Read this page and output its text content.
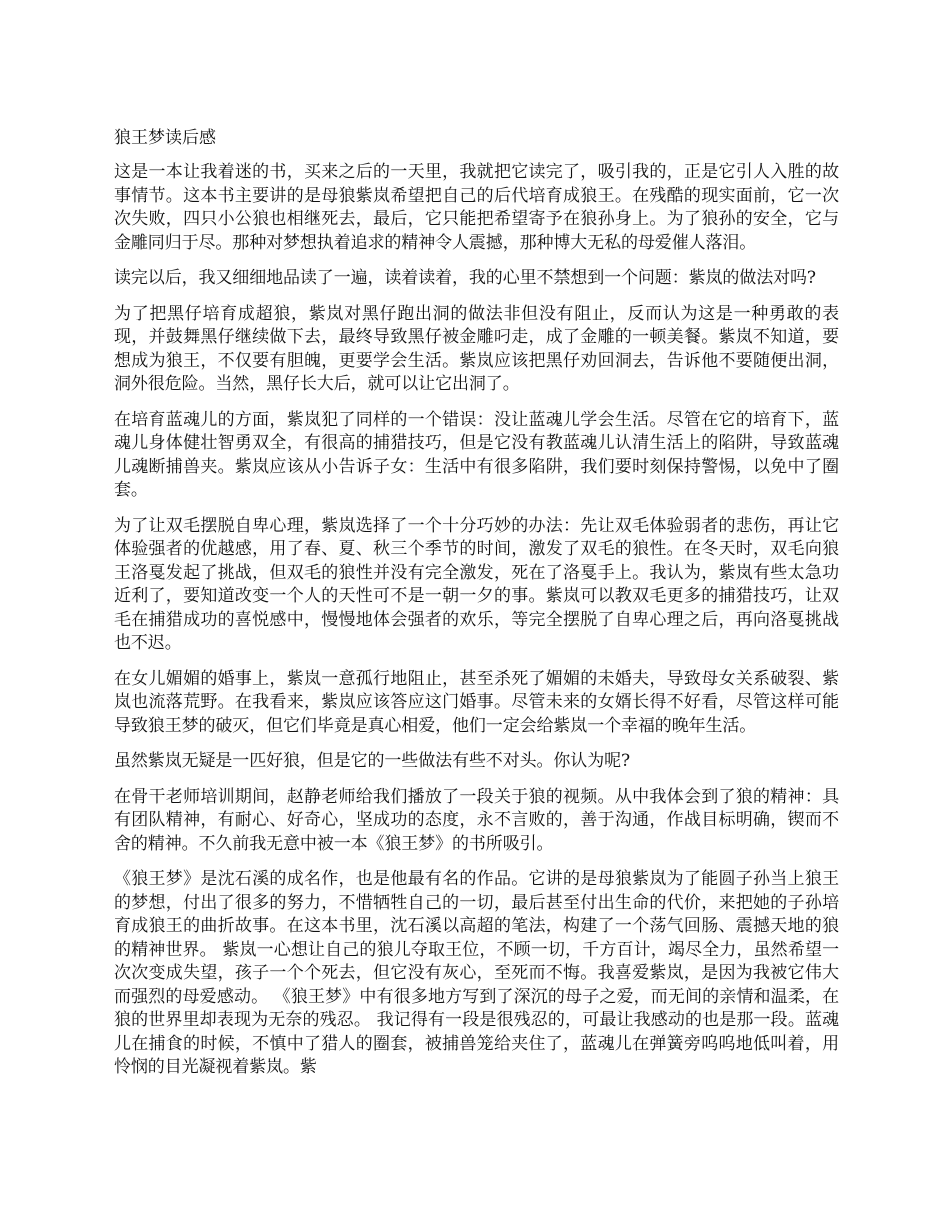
狼王梦读后感

这是一本让我着迷的书，买来之后的一天里，我就把它读完了，吸引我的，正是它引人入胜的故事情节。这本书主要讲的是母狼紫岚希望把自己的后代培育成狼王。在残酷的现实面前，它一次次失败，四只小公狼也相继死去，最后，它只能把希望寄予在狼孙身上。为了狼孙的安全，它与金雕同归于尽。那种对梦想执着追求的精神令人震撼，那种博大无私的母爱催人落泪。

读完以后，我又细细地品读了一遍，读着读着，我的心里不禁想到一个问题：紫岚的做法对吗?

为了把黑仔培育成超狼，紫岚对黑仔跑出洞的做法非但没有阻止，反而认为这是一种勇敢的表现，并鼓舞黑仔继续做下去，最终导致黑仔被金雕叼走，成了金雕的一顿美餐。紫岚不知道，要想成为狼王，不仅要有胆魄，更要学会生活。紫岚应该把黑仔劝回洞去，告诉他不要随便出洞，洞外很危险。当然，黑仔长大后，就可以让它出洞了。

在培育蓝魂儿的方面，紫岚犯了同样的一个错误：没让蓝魂儿学会生活。尽管在它的培育下，蓝魂儿身体健壮智勇双全，有很高的捕猎技巧，但是它没有教蓝魂儿认清生活上的陷阱，导致蓝魂儿魂断捕兽夹。紫岚应该从小告诉子女：生活中有很多陷阱，我们要时刻保持警惕，以免中了圈套。

为了让双毛摆脱自卑心理，紫岚选择了一个十分巧妙的办法：先让双毛体验弱者的悲伤，再让它体验强者的优越感，用了春、夏、秋三个季节的时间，激发了双毛的狼性。在冬天时，双毛向狼王洛戛发起了挑战，但双毛的狼性并没有完全激发，死在了洛戛手上。我认为，紫岚有些太急功近利了，要知道改变一个人的天性可不是一朝一夕的事。紫岚可以教双毛更多的捕猎技巧，让双毛在捕猎成功的喜悦感中，慢慢地体会强者的欢乐，等完全摆脱了自卑心理之后，再向洛戛挑战也不迟。

在女儿媚媚的婚事上，紫岚一意孤行地阻止，甚至杀死了媚媚的未婚夫，导致母女关系破裂、紫岚也流落荒野。在我看来，紫岚应该答应这门婚事。尽管未来的女婿长得不好看，尽管这样可能导致狼王梦的破灭，但它们毕竟是真心相爱，他们一定会给紫岚一个幸福的晚年生活。

虽然紫岚无疑是一匹好狼，但是它的一些做法有些不对头。你认为呢?

在骨干老师培训期间，赵静老师给我们播放了一段关于狼的视频。从中我体会到了狼的精神：具有团队精神，有耐心、好奇心，坚成功的态度，永不言败的，善于沟通，作战目标明确，锲而不舍的精神。不久前我无意中被一本《狼王梦》的书所吸引。

《狼王梦》是沈石溪的成名作，也是他最有名的作品。它讲的是母狼紫岚为了能圆子孙当上狼王的梦想，付出了很多的努力，不惜牺牲自己的一切，最后甚至付出生命的代价，来把她的子孙培育成狼王的曲折故事。在这本书里，沈石溪以高超的笔法，构建了一个荡气回肠、震撼天地的狼的精神世界。 紫岚一心想让自己的狼儿夺取王位，不顾一切，千方百计，竭尽全力，虽然希望一次次变成失望，孩子一个个死去，但它没有灰心，至死而不悔。我喜爱紫岚，是因为我被它伟大而强烈的母爱感动。 《狼王梦》中有很多地方写到了深沉的母子之爱，而无间的亲情和温柔，在狼的世界里却表现为无奈的残忍。 我记得有一段是很残忍的，可最让我感动的也是那一段。蓝魂儿在捕食的时候，不慎中了猎人的圈套，被捕兽笼给夹住了，蓝魂儿在弹簧旁呜呜地低叫着，用怜悯的目光凝视着紫岚。紫
